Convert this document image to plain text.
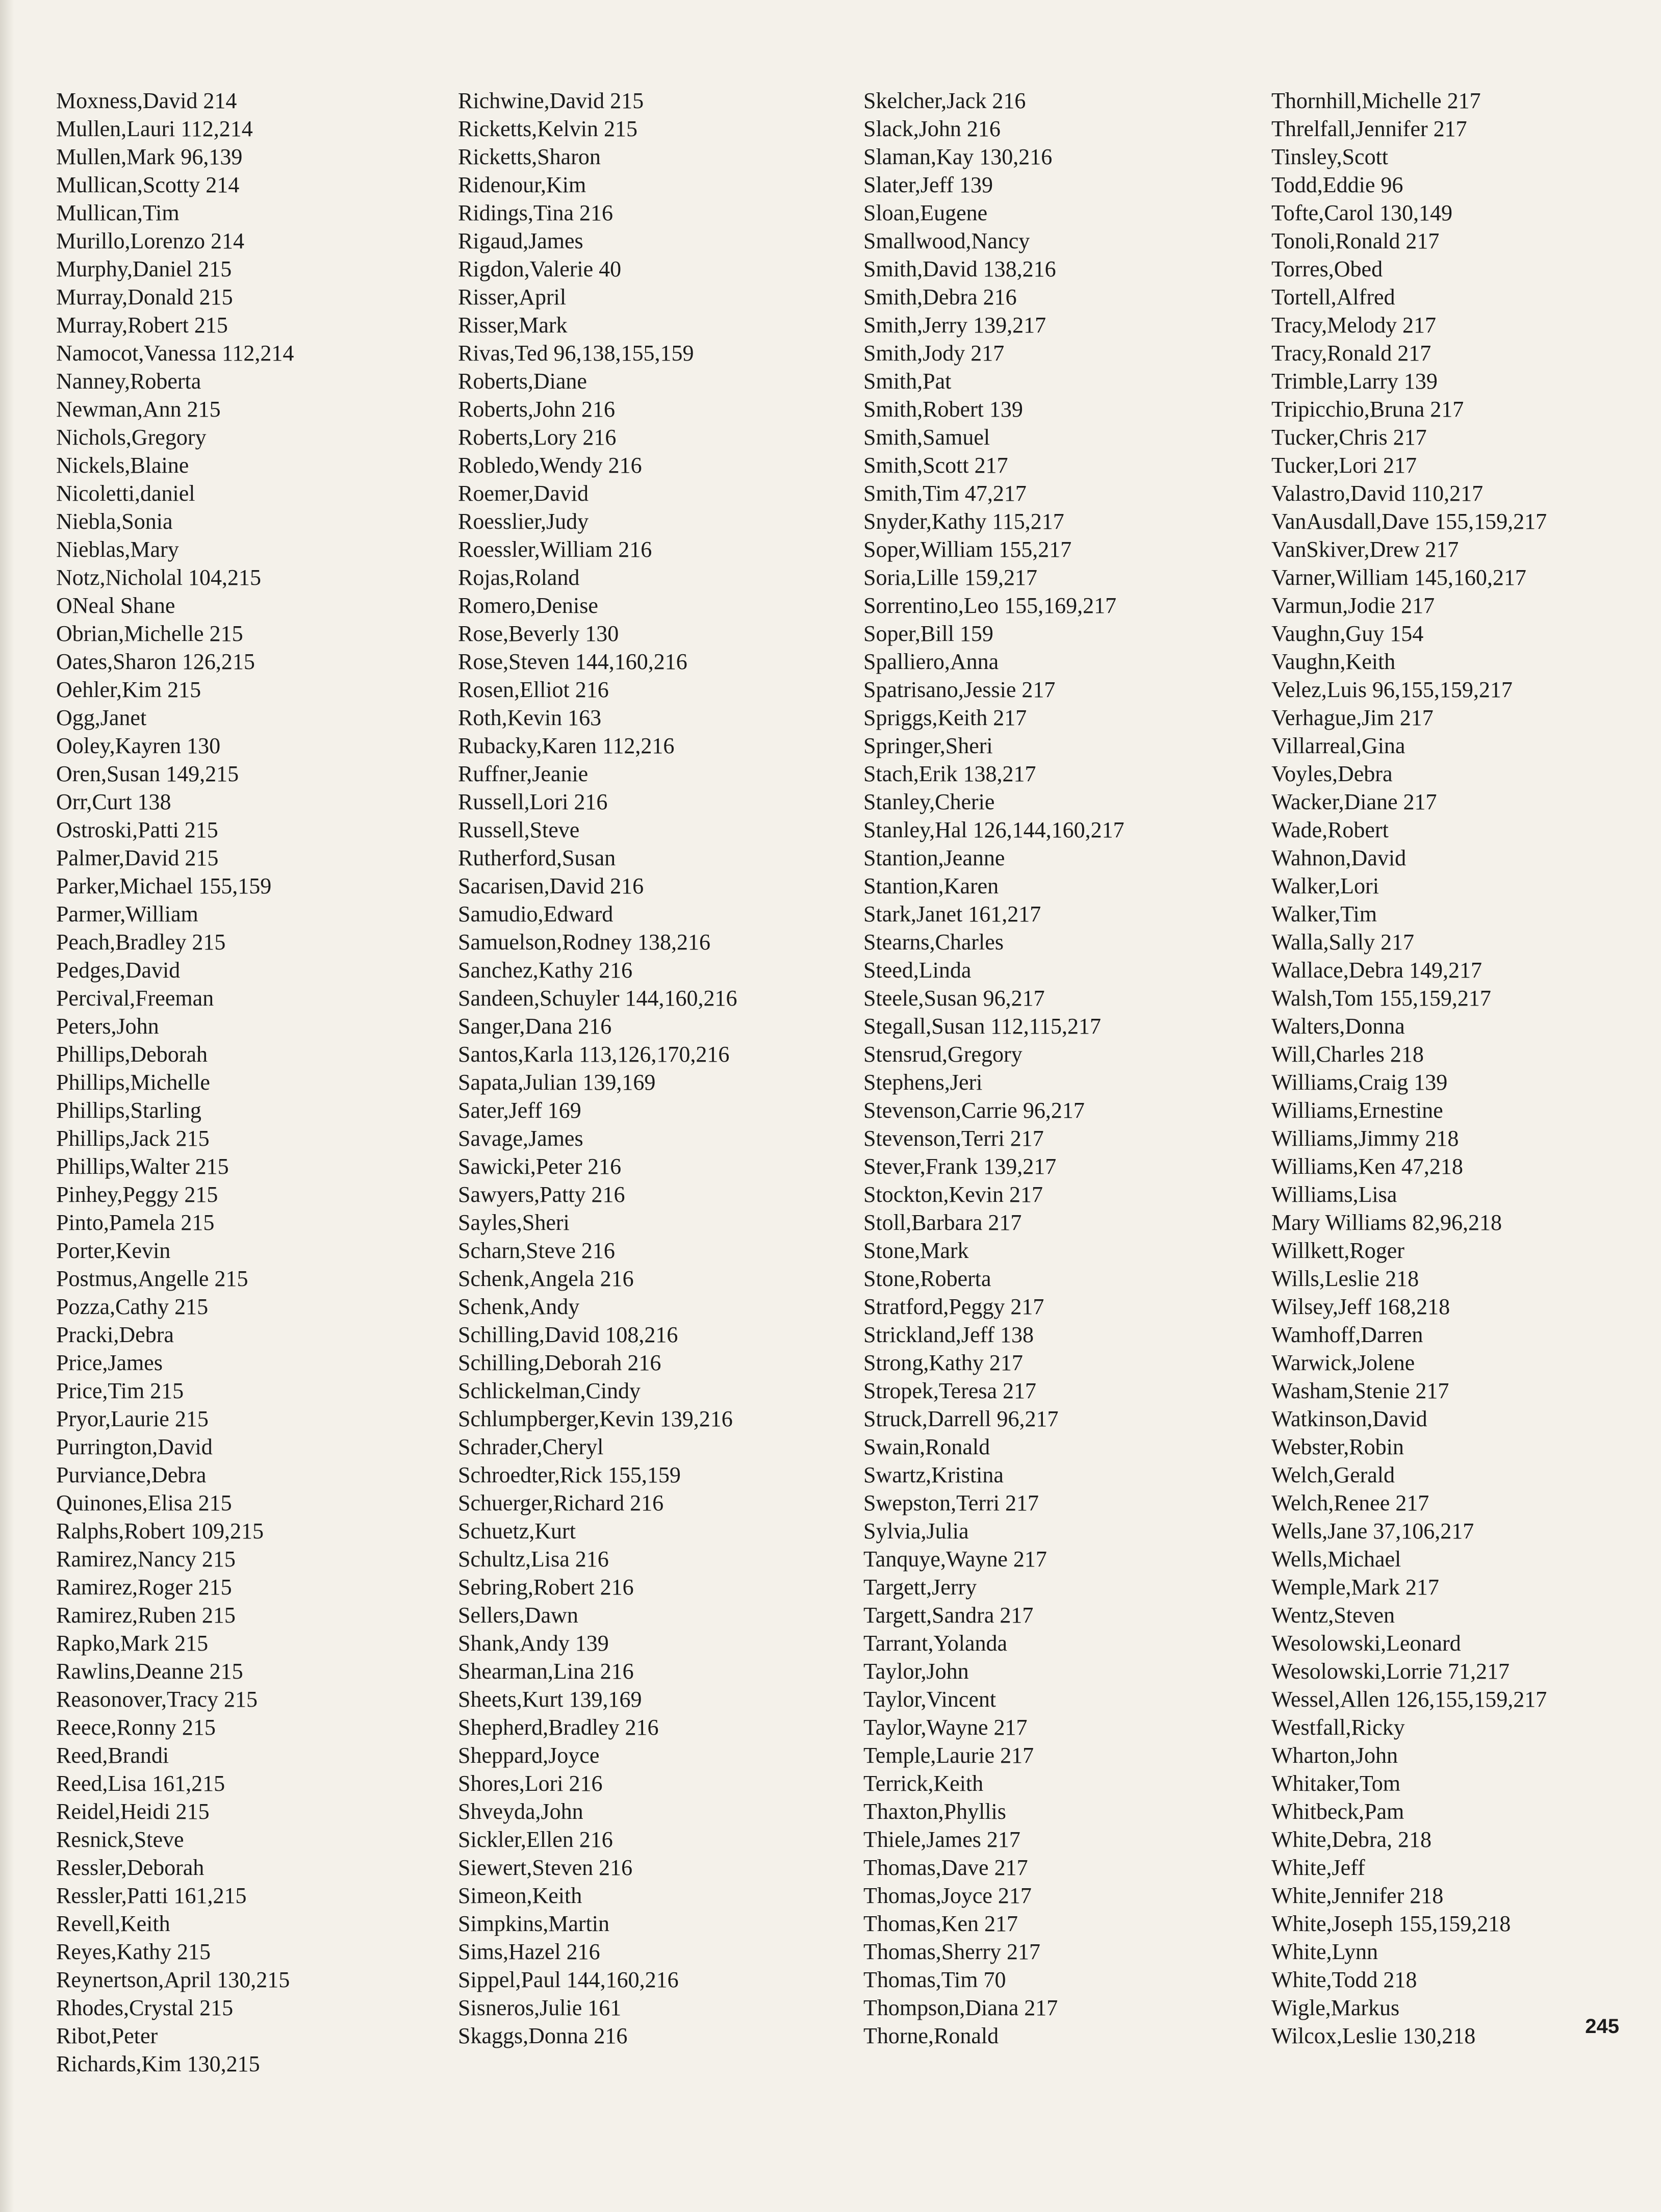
Moxness,David 214
Mullen,Lauri 112,214
Mullen,Mark 96,139
Mullican,Scotty 214
Mullican,Tim
Murillo,Lorenzo 214
Murphy,Daniel 215
Murray,Donald 215
Murray,Robert 215
Namocot,Vanessa 112,214
Nanney,Roberta
Newman,Ann 215
Nichols,Gregory
Nickels,Blaine
Nicoletti,daniel
Niebla,Sonia
Nieblas,Mary
Notz,Nicholal 104,215
ONeal Shane
Obrian,Michelle 215
Oates,Sharon 126,215
Oehler,Kim 215
Ogg,Janet
Ooley,Kayren 130
Oren,Susan 149,215
Orr,Curt 138
Ostroski,Patti 215
Palmer,David 215
Parker,Michael 155,159
Parmer,William
Peach,Bradley 215
Pedges,David
Percival,Freeman
Peters,John
Phillips,Deborah
Phillips,Michelle
Phillips,Starling
Phillips,Jack 215
Phillips,Walter 215
Pinhey,Peggy 215
Pinto,Pamela 215
Porter,Kevin
Postmus,Angelle 215
Pozza,Cathy 215
Pracki,Debra
Price,James
Price,Tim 215
Pryor,Laurie 215
Purrington,David
Purviance,Debra
Quinones,Elisa 215
Ralphs,Robert 109,215
Ramirez,Nancy 215
Ramirez,Roger 215
Ramirez,Ruben 215
Rapko,Mark 215
Rawlins,Deanne 215
Reasonover,Tracy 215
Reece,Ronny 215
Reed,Brandi
Reed,Lisa 161,215
Reidel,Heidi 215
Resnick,Steve
Ressler,Deborah
Ressler,Patti 161,215
Revell,Keith
Reyes,Kathy 215
Reynertson,April 130,215
Rhodes,Crystal 215
Ribot,Peter
Richards,Kim 130,215
Richwine,David 215
Ricketts,Kelvin 215
Ricketts,Sharon
Ridenour,Kim
Ridings,Tina 216
Rigaud,James
Rigdon,Valerie 40
Risser,April
Risser,Mark
Rivas,Ted 96,138,155,159
Roberts,Diane
Roberts,John 216
Roberts,Lory 216
Robledo,Wendy 216
Roemer,David
Roesslier,Judy
Roessler,William 216
Rojas,Roland
Romero,Denise
Rose,Beverly 130
Rose,Steven 144,160,216
Rosen,Elliot 216
Roth,Kevin 163
Rubacky,Karen 112,216
Ruffner,Jeanie
Russell,Lori 216
Russell,Steve
Rutherford,Susan
Sacarisen,David 216
Samudio,Edward
Samuelson,Rodney 138,216
Sanchez,Kathy 216
Sandeen,Schuyler 144,160,216
Sanger,Dana 216
Santos,Karla 113,126,170,216
Sapata,Julian 139,169
Sater,Jeff 169
Savage,James
Sawicki,Peter 216
Sawyers,Patty 216
Sayles,Sheri
Scharn,Steve 216
Schenk,Angela 216
Schenk,Andy
Schilling,David 108,216
Schilling,Deborah 216
Schlickelman,Cindy
Schlumpberger,Kevin 139,216
Schrader,Cheryl
Schroedter,Rick 155,159
Schuerger,Richard 216
Schuetz,Kurt
Schultz,Lisa 216
Sebring,Robert 216
Sellers,Dawn
Shank,Andy 139
Shearman,Lina 216
Sheets,Kurt 139,169
Shepherd,Bradley 216
Sheppard,Joyce
Shores,Lori 216
Shveyda,John
Sickler,Ellen 216
Siewert,Steven 216
Simeon,Keith
Simpkins,Martin
Sims,Hazel 216
Sippel,Paul 144,160,216
Sisneros,Julie 161
Skaggs,Donna 216
Skelcher,Jack 216
Slack,John 216
Slaman,Kay 130,216
Slater,Jeff 139
Sloan,Eugene
Smallwood,Nancy
Smith,David 138,216
Smith,Debra 216
Smith,Jerry 139,217
Smith,Jody 217
Smith,Pat
Smith,Robert 139
Smith,Samuel
Smith,Scott 217
Smith,Tim 47,217
Snyder,Kathy 115,217
Soper,William 155,217
Soria,Lille 159,217
Sorrentino,Leo 155,169,217
Soper,Bill 159
Spalliero,Anna
Spatrisano,Jessie 217
Spriggs,Keith 217
Springer,Sheri
Stach,Erik 138,217
Stanley,Cherie
Stanley,Hal 126,144,160,217
Stantion,Jeanne
Stantion,Karen
Stark,Janet 161,217
Stearns,Charles
Steed,Linda
Steele,Susan 96,217
Stegall,Susan 112,115,217
Stensrud,Gregory
Stephens,Jeri
Stevenson,Carrie 96,217
Stevenson,Terri 217
Stever,Frank 139,217
Stockton,Kevin 217
Stoll,Barbara 217
Stone,Mark
Stone,Roberta
Stratford,Peggy 217
Strickland,Jeff 138
Strong,Kathy 217
Stropek,Teresa 217
Struck,Darrell 96,217
Swain,Ronald
Swartz,Kristina
Swepston,Terri 217
Sylvia,Julia
Tanquye,Wayne 217
Targett,Jerry
Targett,Sandra 217
Tarrant,Yolanda
Taylor,John
Taylor,Vincent
Taylor,Wayne 217
Temple,Laurie 217
Terrick,Keith
Thaxton,Phyllis
Thiele,James 217
Thomas,Dave 217
Thomas,Joyce 217
Thomas,Ken 217
Thomas,Sherry 217
Thomas,Tim 70
Thompson,Diana 217
Thorne,Ronald
Thornhill,Michelle 217
Threlfall,Jennifer 217
Tinsley,Scott
Todd,Eddie 96
Tofte,Carol 130,149
Tonoli,Ronald 217
Torres,Obed
Tortell,Alfred
Tracy,Melody 217
Tracy,Ronald 217
Trimble,Larry 139
Tripicchio,Bruna 217
Tucker,Chris 217
Tucker,Lori 217
Valastro,David 110,217
VanAusdall,Dave 155,159,217
VanSkiver,Drew 217
Varner,William 145,160,217
Varmun,Jodie 217
Vaughn,Guy 154
Vaughn,Keith
Velez,Luis 96,155,159,217
Verhague,Jim 217
Villarreal,Gina
Voyles,Debra
Wacker,Diane 217
Wade,Robert
Wahnon,David
Walker,Lori
Walker,Tim
Walla,Sally 217
Wallace,Debra 149,217
Walsh,Tom 155,159,217
Walters,Donna
Will,Charles 218
Williams,Craig 139
Williams,Ernestine
Williams,Jimmy 218
Williams,Ken 47,218
Williams,Lisa
Mary Williams 82,96,218
Willkett,Roger
Wills,Leslie 218
Wilsey,Jeff 168,218
Wamhoff,Darren
Warwick,Jolene
Washam,Stenie 217
Watkinson,David
Webster,Robin
Welch,Gerald
Welch,Renee 217
Wells,Jane 37,106,217
Wells,Michael
Wemple,Mark 217
Wentz,Steven
Wesolowski,Leonard
Wesolowski,Lorrie 71,217
Wessel,Allen 126,155,159,217
Westfall,Ricky
Wharton,John
Whitaker,Tom
Whitbeck,Pam
White,Debra, 218
White,Jeff
White,Jennifer 218
White,Joseph 155,159,218
White,Lynn
White,Todd 218
Wigle,Markus
Wilcox,Leslie 130,218	245
